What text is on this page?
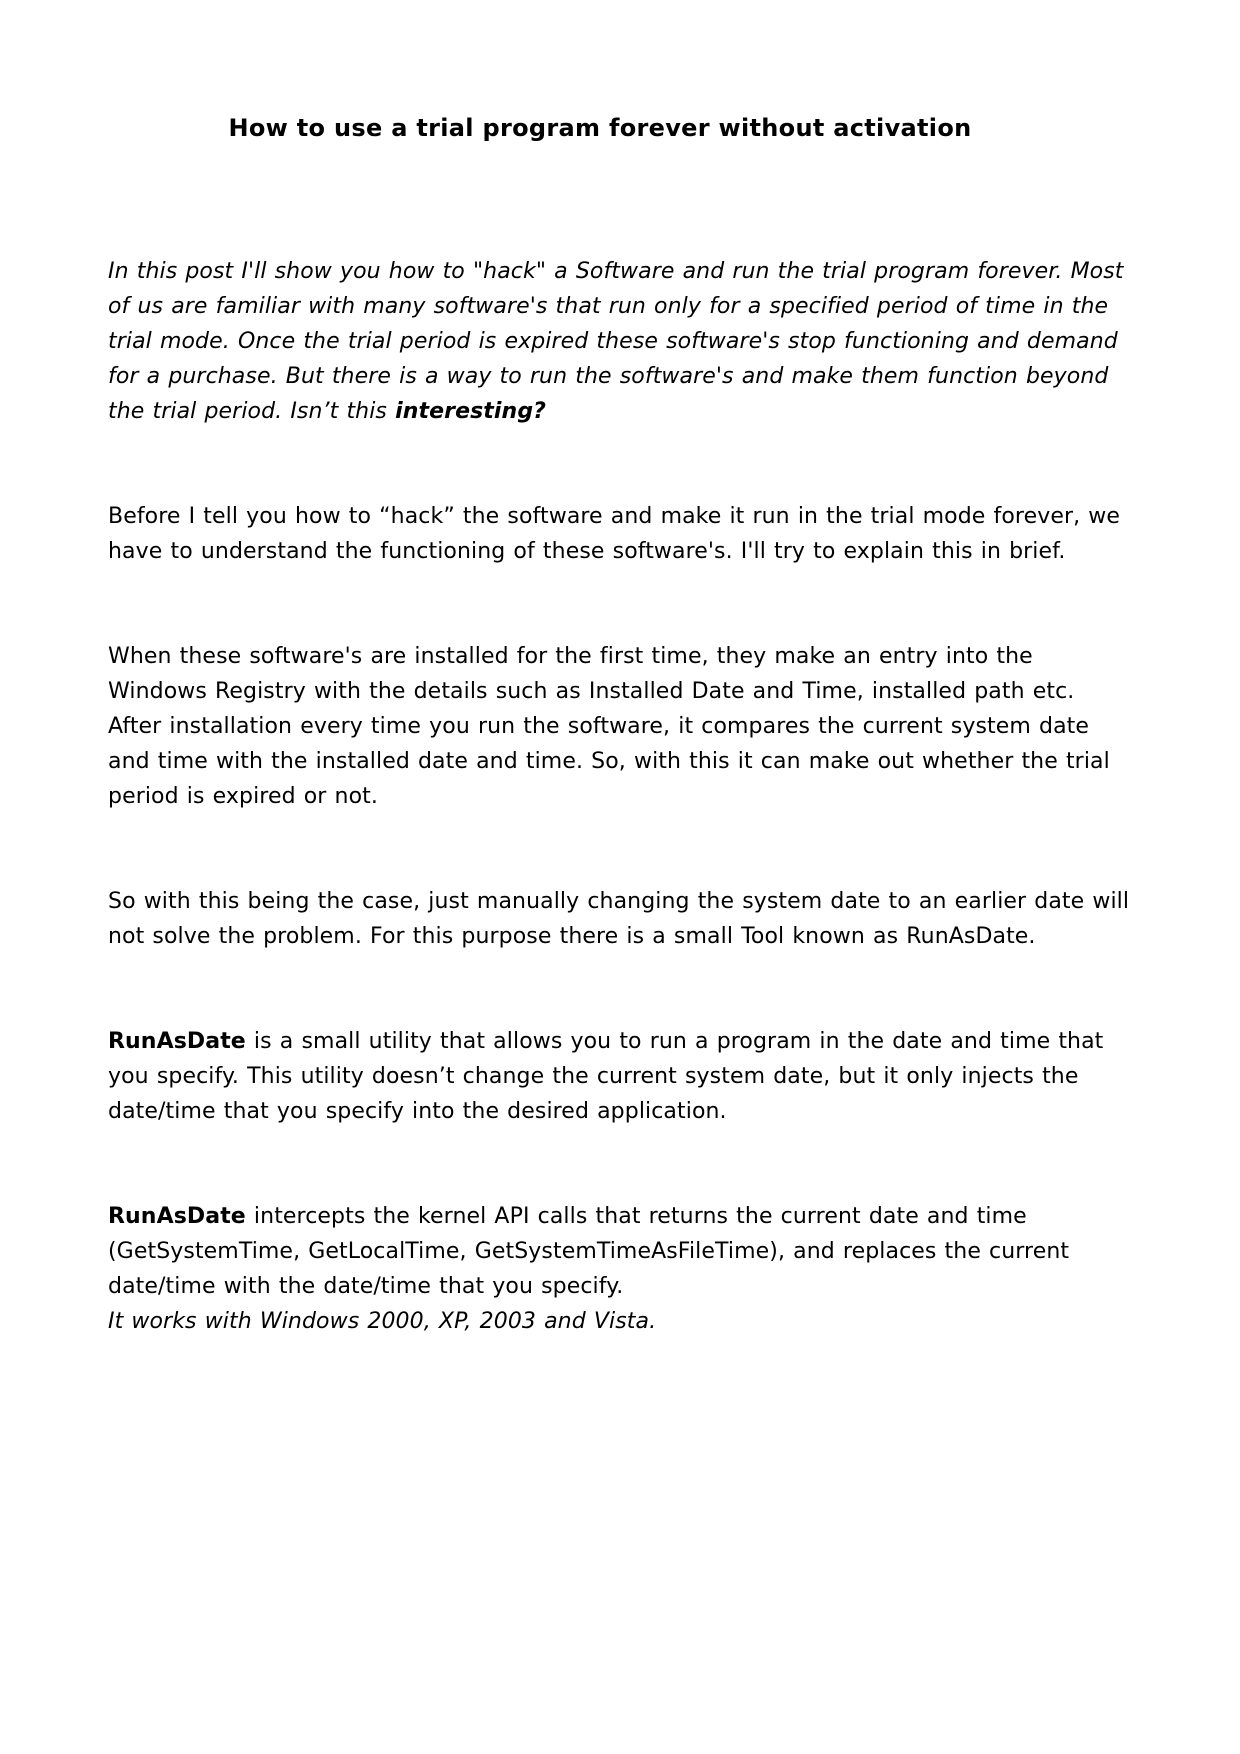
How to use a trial program forever without activation

In this post I'll show you how to "hack" a Software and run the trial program forever. Most of us are familiar with many software's that run only for a specified period of time in the trial mode. Once the trial period is expired these software's stop functioning and demand for a purchase. But there is a way to run the software's and make them function beyond the trial period. Isn’t this interesting?

Before I tell you how to “hack” the software and make it run in the trial mode forever, we have to understand the functioning of these software's. I'll try to explain this in brief.

When these software's are installed for the first time, they make an entry into the Windows Registry with the details such as Installed Date and Time, installed path etc. After installation every time you run the software, it compares the current system date and time with the installed date and time. So, with this it can make out whether the trial period is expired or not.

So with this being the case, just manually changing the system date to an earlier date will not solve the problem. For this purpose there is a small Tool known as RunAsDate.

RunAsDate is a small utility that allows you to run a program in the date and time that you specify. This utility doesn’t change the current system date, but it only injects the date/time that you specify into the desired application.

RunAsDate intercepts the kernel API calls that returns the current date and time (GetSystemTime, GetLocalTime, GetSystemTimeAsFileTime), and replaces the current date/time with the date/time that you specify.
It works with Windows 2000, XP, 2003 and Vista.
